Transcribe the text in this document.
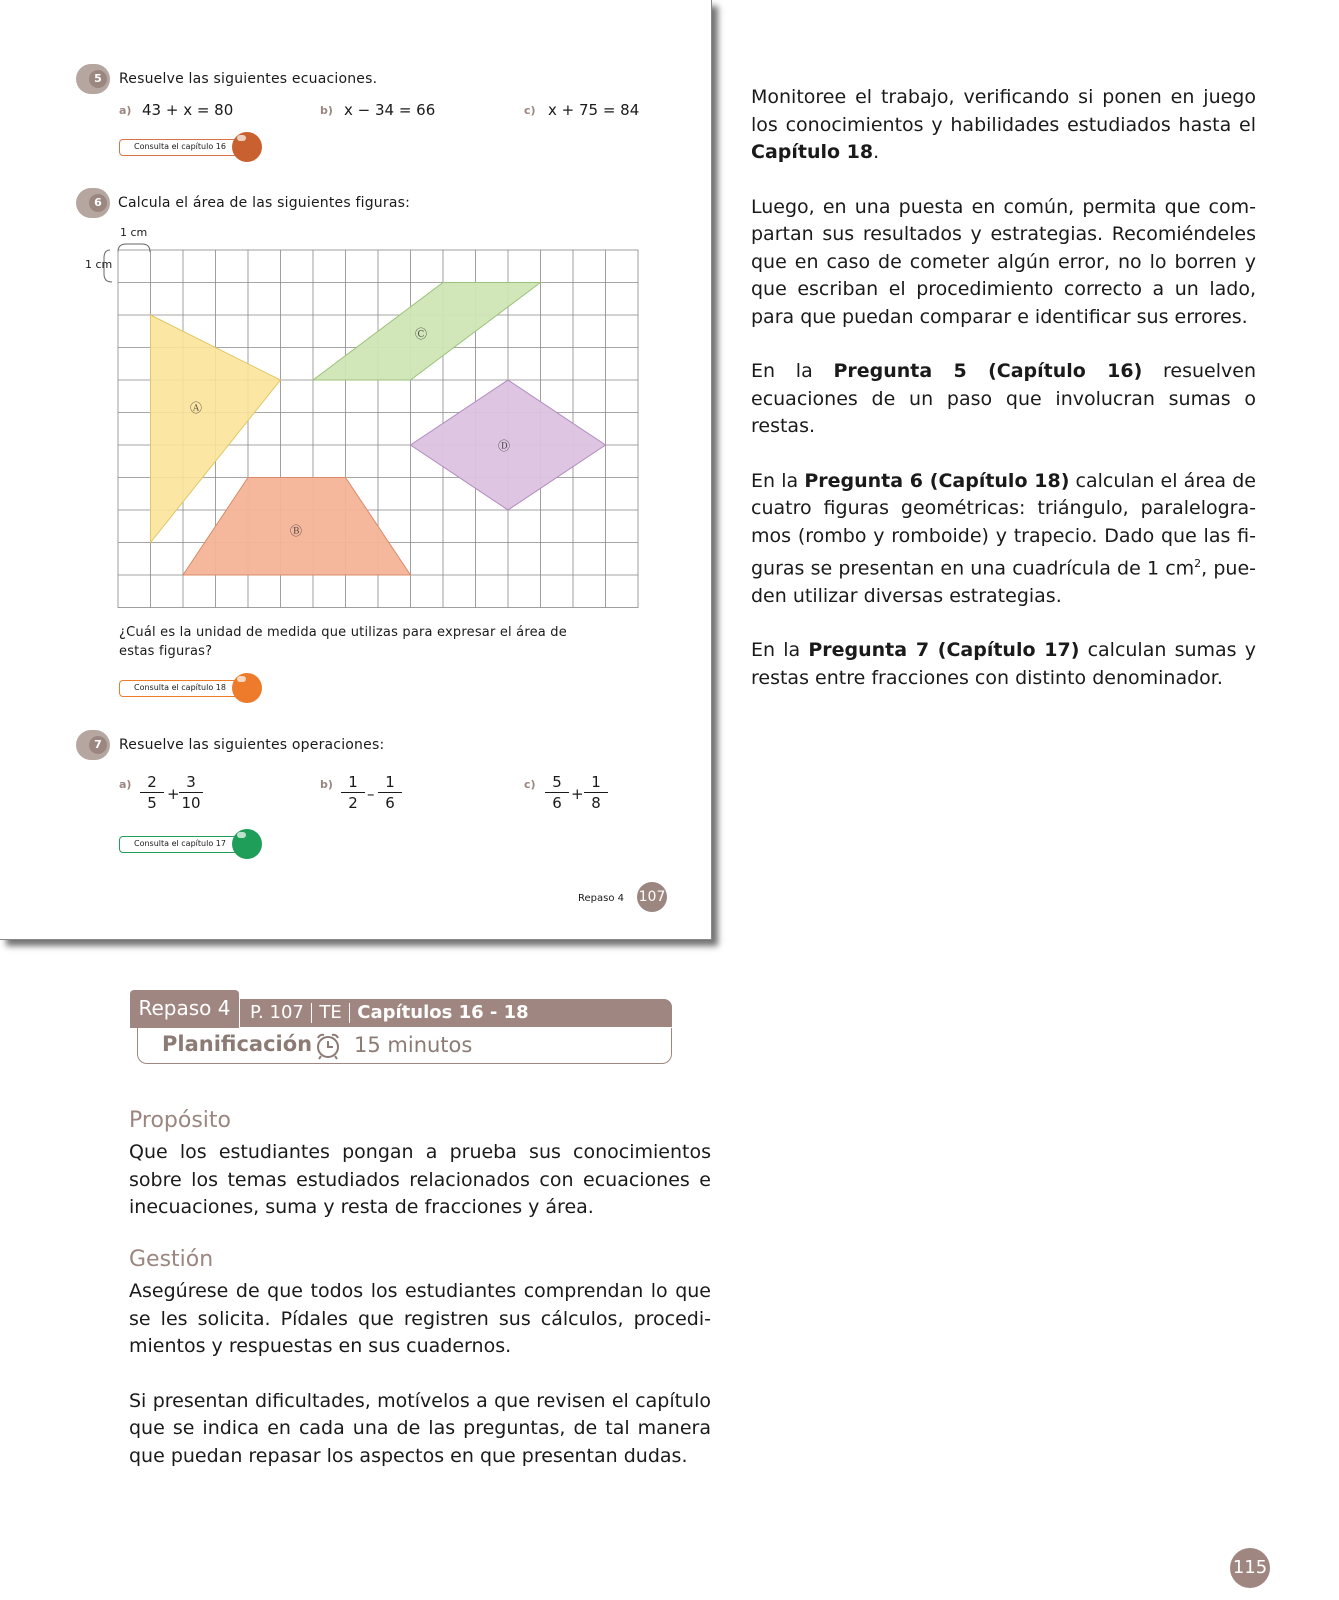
5	Resuelve las siguientes ecuaciones.
a) 43 + x = 80	b) x − 34 = 66	c) x + 75 = 84
Consulta el capítulo 16
6	Calcula el área de las siguientes figuras:
1 cm
1 cm
Ⓐ
Ⓑ
Ⓒ
Ⓓ
¿Cuál es la unidad de medida que utilizas para expresar el área de
estas figuras?
Consulta el capítulo 18
7	Resuelve las siguientes operaciones:
$a) \frac{2}{5} + \frac{3}{10}$	$b) \frac{1}{2} - \frac{1}{6}$	$c) \frac{5}{6} + \frac{1}{8}$
Consulta el capítulo 17
Repaso 4 107

Monitoree el trabajo, verificando si ponen en juego los conocimientos y habilidades estudiados hasta el Capítulo 18.

Luego, en una puesta en común, permita que compartan sus resultados y estrategias. Recomiéndeles que en caso de cometer algún error, no lo borren y que escriban el procedimiento correcto a un lado, para que puedan comparar e identificar sus errores.

En la Pregunta 5 (Capítulo 16) resuelven ecuaciones de un paso que involucran sumas o restas.

En la Pregunta 6 (Capítulo 18) calculan el área de cuatro figuras geométricas: triángulo, paralelogramos (rombo y romboide) y trapecio. Dado que las figuras se presentan en una cuadrícula de 1 $cm^2$, pueden utilizar diversas estrategias.

En la Pregunta 7 (Capítulo 17) calculan sumas y restas entre fracciones con distinto denominador.

Repaso 4	P. 107 TE Capítulos 16 - 18
Planificación 15 minutos
Propósito

Que los estudiantes pongan a prueba sus conocimientos sobre los temas estudiados relacionados con ecuaciones e inecuaciones, suma y resta de fracciones y área.

Gestión

Asegúrese de que todos los estudiantes comprendan lo que se les solicita. Pídales que registren sus cálculos, procedimientos y respuestas en sus cuadernos.

Si presentan dificultades, motívelos a que revisen el capítulo que se indica en cada una de las preguntas, de tal manera que puedan repasar los aspectos en que presentan dudas.

115
